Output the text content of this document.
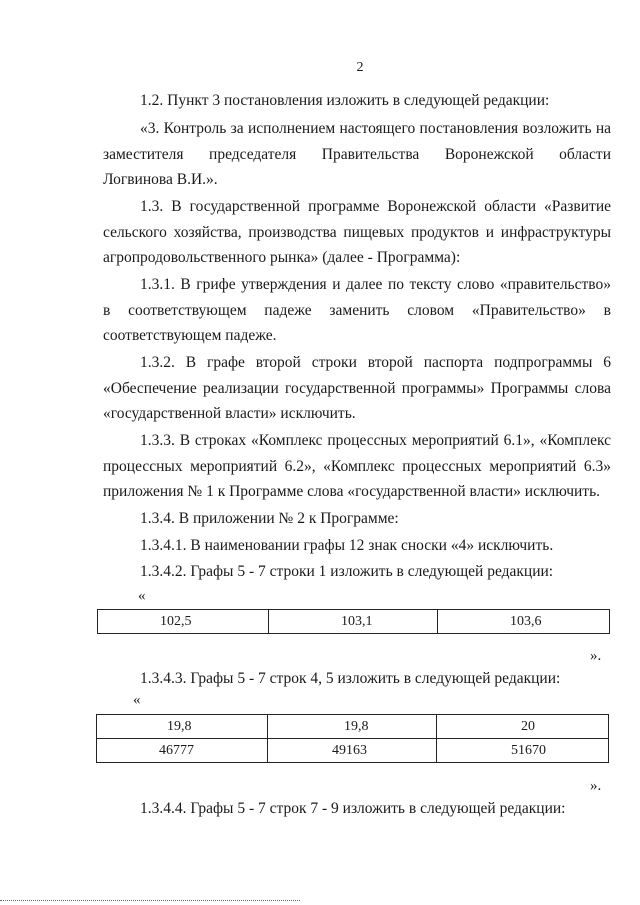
2
1.2. Пункт 3 постановления изложить в следующей редакции:
«3. Контроль за исполнением настоящего постановления возложить на
заместителя председателя Правительства Воронежской области
Логвинова В.И.».
1.3. В государственной программе Воронежской области «Развитие
сельского хозяйства, производства пищевых продуктов и инфраструктуры
агропродовольственного рынка» (далее - Программа):
1.3.1. В грифе утверждения и далее по тексту слово «правительство»
в соответствующем падеже заменить словом «Правительство» в
соответствующем падеже.
1.3.2. В графе второй строки второй паспорта подпрограммы 6
«Обеспечение реализации государственной программы» Программы слова
«государственной власти» исключить.
1.3.3. В строках «Комплекс процессных мероприятий 6.1», «Комплекс
процессных мероприятий 6.2», «Комплекс процессных мероприятий 6.3»
приложения № 1 к Программе слова «государственной власти» исключить.
1.3.4. В приложении № 2 к Программе:
1.3.4.1. В наименовании графы 12 знак сноски «4» исключить.
1.3.4.2. Графы 5 - 7 строки 1 изложить в следующей редакции:
«
102,5	103,1	103,6
».
1.3.4.3. Графы 5 - 7 строк 4, 5 изложить в следующей редакции:
«
19,8	19,8	20
46777	49163	51670
».
1.3.4.4. Графы 5 - 7 строк 7 - 9 изложить в следующей редакции:
